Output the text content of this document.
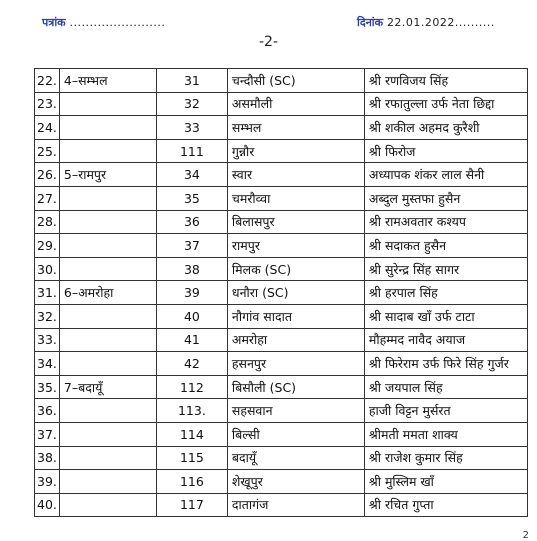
पत्रांक ........................	दिनांक 22.01.2022..........
-2-
22.	4–सम्भल	31	चन्दौसी (SC)	श्री रणविजय सिंह
23.		32	असमौली	श्री रफातुल्ला उर्फ नेता छिद्दा
24.		33	सम्भल	श्री शकील अहमद कुरैशी
25.		111	गुन्नौर	श्री फिरोज
26.	5–रामपुर	34	स्वार	अध्यापक शंकर लाल सैनी
27.		35	चमरौव्वा	अब्दुल मुस्तफा हुसैन
28.		36	बिलासपुर	श्री रामअवतार कश्यप
29.		37	रामपुर	श्री सदाकत हुसैन
30.		38	मिलक (SC)	श्री सुरेन्द्र सिंह सागर
31.	6–अमरोहा	39	धनौरा (SC)	श्री हरपाल सिंह
32.		40	नौगांव सादात	श्री सादाब खाँ उर्फ टाटा
33.		41	अमरोहा	मौहम्मद नावैद अयाज
34.		42	हसनपुर	श्री फिरेराम उर्फ फिरे सिंह गुर्जर
35.	7–बदायूँ	112	बिसौली (SC)	श्री जयपाल सिंह
36.		113.	सहसवान	हाजी विट्टन मुर्सरत
37.		114	बिल्सी	श्रीमती ममता शाक्य
38.		115	बदायूँ	श्री राजेश कुमार सिंह
39.		116	शेखूपुर	श्री मुस्लिम खाँ
40.		117	दातागंज	श्री रचित गुप्ता
2
